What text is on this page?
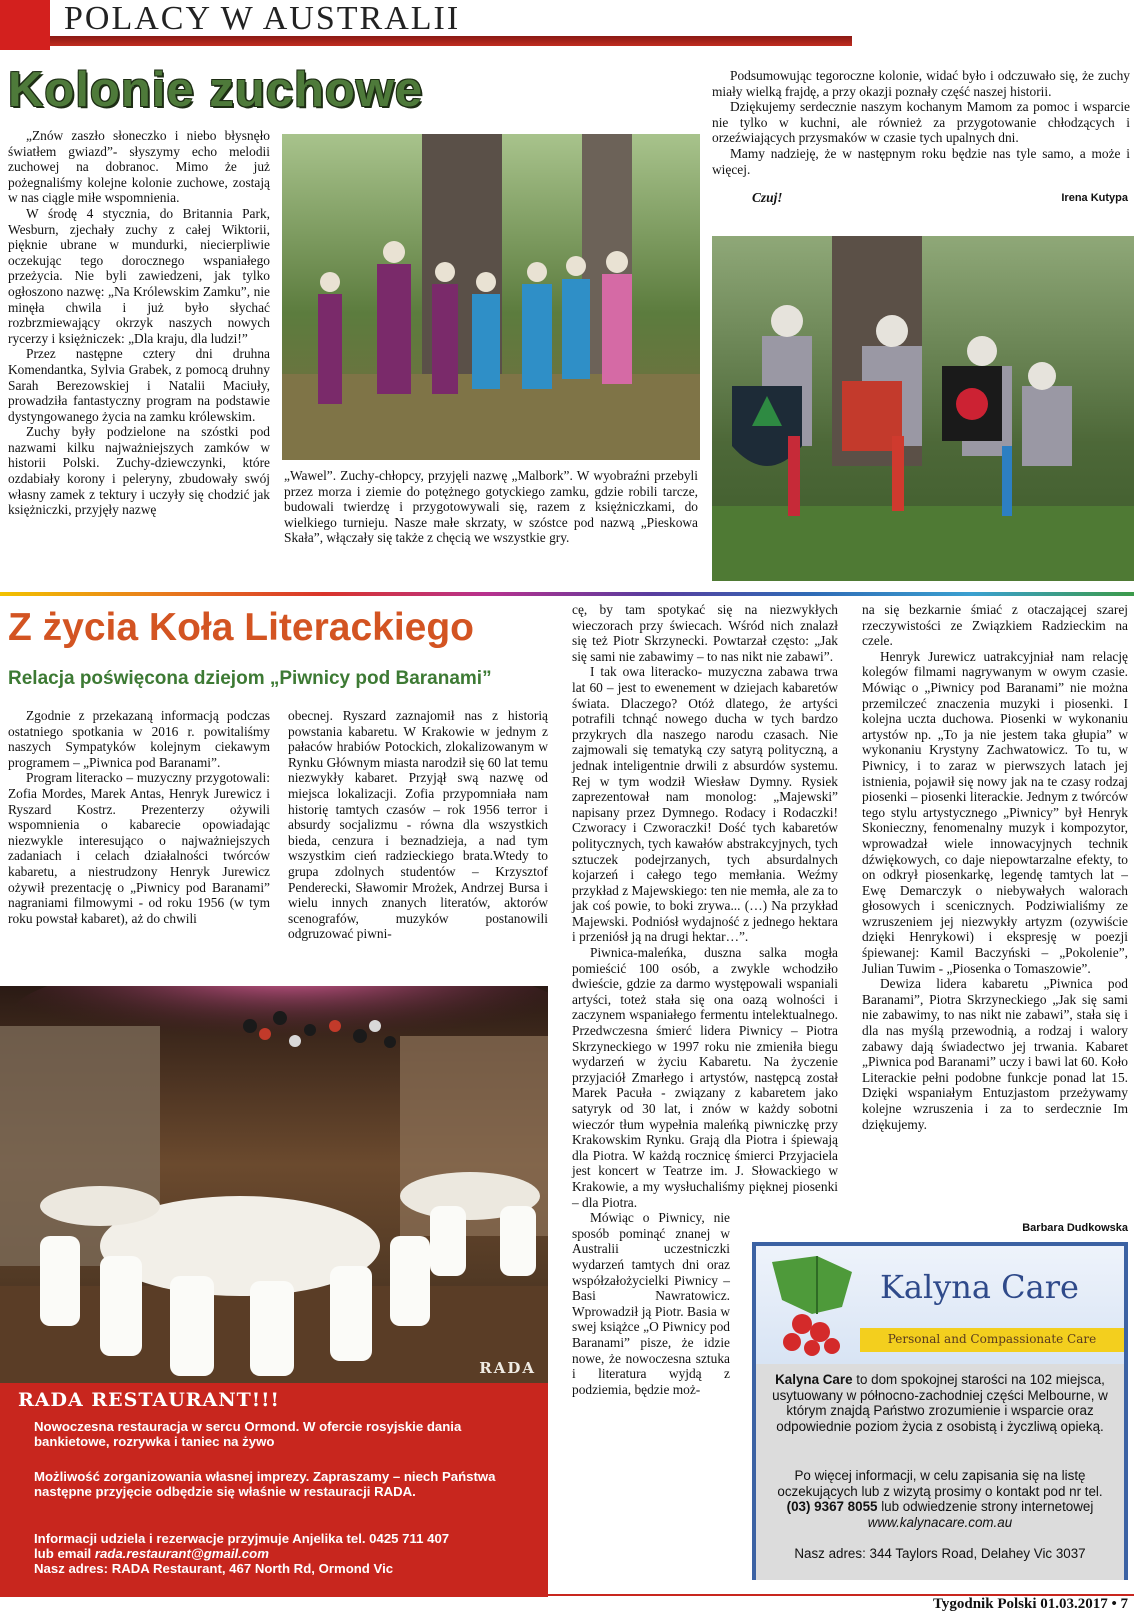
POLACY W AUSTRALII
Kolonie zuchowe

„Znów zaszło słoneczko i niebo błysnęło światłem gwiazd”- słyszymy echo melodii zuchowej na dobranoc. Mimo że już pożegnaliśmy kolejne kolonie zuchowe, zostają w nas ciągle miłe wspomnienia.

W środę 4 stycznia, do Britannia Park, Wesburn, zjechały zuchy z całej Wiktorii, pięknie ubrane w mundurki, niecierpliwie oczekując tego dorocznego wspaniałego przeżycia. Nie byli zawiedzeni, jak tylko ogłoszono nazwę: „Na Królewskim Zamku”, nie minęła chwila i już było słychać rozbrzmiewający okrzyk naszych nowych rycerzy i księżniczek: „Dla kraju, dla ludzi!”

Przez następne cztery dni druhna Komendantka, Sylvia Grabek, z pomocą druhny Sarah Berezowskiej i Natalii Maciuły, prowadziła fantastyczny program na podstawie dystyngowanego życia na zamku królewskim.

Zuchy były podzielone na szóstki pod nazwami kilku najważniejszych zamków w historii Polski. Zuchy-dziewczynki, które ozdabiały korony i peleryny, zbudowały swój własny zamek z tektury i uczyły się chodzić jak księżniczki, przyjęły nazwę

„Wawel”. Zuchy-chłopcy, przyjęli nazwę „Malbork”. W wyobraźni przebyli przez morza i ziemie do potężnego gotyckiego zamku, gdzie robili tarcze, budowali twierdzę i przygotowywali się, razem z księżniczkami, do wielkiego turnieju. Nasze małe skrzaty, w szóstce pod nazwą „Pieskowa Skała”, włączały się także z chęcią we wszystkie gry.

Podsumowując tegoroczne kolonie, widać było i odczuwało się, że zuchy miały wielką frajdę, a przy okazji poznały część naszej historii.

Dziękujemy serdecznie naszym kochanym Mamom za pomoc i wsparcie nie tylko w kuchni, ale również za przygotowanie chłodzących i orzeźwiających przysmaków w czasie tych upalnych dni.

Mamy nadzieję, że w następnym roku będzie nas tyle samo, a może i więcej.

Czuj!	Irena Kutypa
Z życia Koła Literackiego
Relacja poświęcona dziejom „Piwnicy pod Baranami”

Zgodnie z przekazaną informacją podczas ostatniego spotkania w 2016 r. powitaliśmy naszych Sympatyków kolejnym ciekawym programem – „Piwnica pod Baranami”.

Program literacko – muzyczny przygotowali: Zofia Mordes, Marek Antas, Henryk Jurewicz i Ryszard Kostrz. Prezenterzy ożywili wspomnienia o kabarecie opowiadając niezwykle interesująco o najważniejszych zadaniach i celach działalności twórców kabaretu, a niestrudzony Henryk Jurewicz ożywił prezentację o „Piwnicy pod Baranami” nagraniami filmowymi - od roku 1956 (w tym roku powstał kabaret), aż do chwili

obecnej. Ryszard zaznajomił nas z historią powstania kabaretu. W Krakowie w jednym z pałaców hrabiów Potockich, zlokalizowanym w Rynku Głównym miasta narodził się 60 lat temu niezwykły kabaret. Przyjął swą nazwę od miejsca lokalizacji. Zofia przypomniała nam historię tamtych czasów – rok 1956 terror i absurdy socjalizmu - równa dla wszystkich bieda, cenzura i beznadzieja, a nad tym wszystkim cień radzieckiego brata.Wtedy to grupa zdolnych studentów – Krzysztof Penderecki, Sławomir Mrożek, Andrzej Bursa i wielu innych znanych literatów, aktorów scenografów, muzyków postanowili odgruzować piwni-

cę, by tam spotykać się na niezwykłych wieczorach przy świecach. Wśród nich znalazł się też Piotr Skrzynecki. Powtarzał często: „Jak się sami nie zabawimy – to nas nikt nie zabawi”.

I tak owa literacko- muzyczna zabawa trwa lat 60 – jest to ewenement w dziejach kabaretów świata. Dlaczego? Otóż dlatego, że artyści potrafili tchnąć nowego ducha w tych bardzo przykrych dla naszego narodu czasach. Nie zajmowali się tematyką czy satyrą polityczną, a jednak inteligentnie drwili z absurdów systemu. Rej w tym wodził Wiesław Dymny. Rysiek zaprezentował nam monolog: „Majewski” napisany przez Dymnego. Rodacy i Rodaczki! Czworacy i Czworaczki! Dość tych kabaretów politycznych, tych kawałów abstrakcyjnych, tych sztuczek podejrzanych, tych absurdalnych kojarzeń i całego tego memłania. Weźmy przykład z Majewskiego: ten nie memła, ale za to jak coś powie, to boki zrywa... (…) Na przykład Majewski. Podniósł wydajność z jednego hektara i przeniósł ją na drugi hektar…”.

Piwnica-maleńka, duszna salka mogła pomieścić 100 osób, a zwykle wchodziło dwieście, gdzie za darmo występowali wspaniali artyści, toteż stała się ona oazą wolności i zaczynem wspaniałego fermentu intelektualnego. Przedwczesna śmierć lidera Piwnicy – Piotra Skrzyneckiego w 1997 roku nie zmieniła biegu wydarzeń w życiu Kabaretu. Na życzenie przyjaciół Zmarłego i artystów, następcą został Marek Pacuła - związany z kabaretem jako satyryk od 30 lat, i znów w każdy sobotni wieczór tłum wypełnia maleńką piwniczkę przy Krakowskim Rynku. Grają dla Piotra i śpiewają dla Piotra. W każdą rocznicę śmierci Przyjaciela jest koncert w Teatrze im. J. Słowackiego w Krakowie, a my wysłuchaliśmy pięknej piosenki – dla Piotra.

Mówiąc o Piwnicy, nie sposób pominąć znanej w Australii uczestniczki wydarzeń tamtych dni oraz współzałożycielki Piwnicy – Basi Nawratowicz. Wprowadził ją Piotr. Basia w swej książce „O Piwnicy pod Baranami” pisze, że idzie nowe, że nowoczesna sztuka i literatura wyjdą z podziemia, będzie moż-

na się bezkarnie śmiać z otaczającej szarej rzeczywistości ze Związkiem Radzieckim na czele.

Henryk Jurewicz uatrakcyjniał nam relację kolegów filmami nagrywanym w owym czasie. Mówiąc o „Piwnicy pod Baranami” nie można przemilczeć znaczenia muzyki i piosenki. I kolejna uczta duchowa. Piosenki w wykonaniu artystów np. „To ja nie jestem taka głupia” w wykonaniu Krystyny Zachwatowicz. To tu, w Piwnicy, i to zaraz w pierwszych latach jej istnienia, pojawił się nowy jak na te czasy rodzaj piosenki – piosenki literackie. Jednym z twórców tego stylu artystycznego „Piwnicy” był Henryk Skonieczny, fenomenalny muzyk i kompozytor, wprowadzał wiele innowacyjnych technik dźwiękowych, co daje niepowtarzalne efekty, to on odkrył piosenkarkę, legendę tamtych lat – Ewę Demarczyk o niebywałych walorach głosowych i scenicznych. Podziwialiśmy ze wzruszeniem jej niezwykły artyzm (ozywiście dzięki Henrykowi) i ekspresję w poezji śpiewanej: Kamil Baczyński – „Pokolenie”, Julian Tuwim - „Piosenka o Tomaszowie”.

Dewiza lidera kabaretu „Piwnica pod Baranami”, Piotra Skrzyneckiego „Jak się sami nie zabawimy, to nas nikt nie zabawi”, stała się i dla nas myślą przewodnią, a rodzaj i walory zabawy dają świadectwo jej trwania. Kabaret „Piwnica pod Baranami” uczy i bawi lat 60. Koło Literackie pełni podobne funkcje ponad lat 15. Dzięki wspaniałym Entuzjastom przeżywamy kolejne wzruszenia i za to serdecznie Im dziękujemy.

Barbara Dudkowska
RADA
RADA RESTAURANT!!!
Nowoczesna restauracja w sercu Ormond. W ofercie rosyjskie dania bankietowe, rozrywka i taniec na żywo
Możliwość zorganizowania własnej imprezy. Zapraszamy – niech Państwa następne przyjęcie odbędzie się właśnie w restauracji RADA.
Informacji udziela i rezerwacje przyjmuje Anjelika tel. 0425 711 407
lub email rada.restaurant@gmail.com
Nasz adres: RADA Restaurant, 467 North Rd, Ormond Vic
Kalyna Care
Personal and Compassionate Care
Kalyna Care to dom spokojnej starości na 102 miejsca, usytuowany w północno-zachodniej części Melbourne, w którym znajdą Państwo zrozumienie i wsparcie oraz odpowiednie poziom życia z osobistą i życzliwą opieką.
Po więcej informacji, w celu zapisania się na listę oczekujących lub z wizytą prosimy o kontakt pod nr tel. (03) 9367 8055 lub odwiedzenie strony internetowej www.kalynacare.com.au
Nasz adres: 344 Taylors Road, Delahey Vic 3037
Tygodnik Polski 01.03.2017 • 7
